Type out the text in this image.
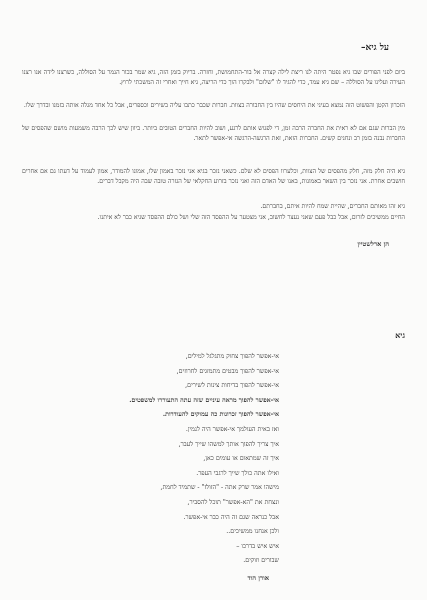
על גיא–

ביום לפני הפורים שבו גיא נפטר היתה לנו ריצת לילה קצרה אל בור-התחמושת, וחזרה. בריוק בזמן הזה, גיא שמר בכור הנמר על הסוללה, כשרצנו לידה אנו רצנו העירה ועלינו על הסוללה – שם גיא עמד, כדי להגיד לו "שלום" ולבקרו הוך כדי הריצה, גיא חייך ואחרי זה המשכתי לרוץ.

הזכרון הקטן והפשוט הזה נמצא בעיני את היחסים שהיו בין החבורה בצוות. חברות שכבר כתבו עליה בשירים וכספרים, אבל כל אחד מגלה אותה בזמנו ובדרך שלו.

מין הברות שגם אם לא ראית את החברה הרבה זמן, די לפגוש אותם לרגע, ושוב להיות החברים הטובים ביותר. ביוון שיש לכך הרבה משמעות מושם שהפסים של החברות נבנה בזמן רב ונחנים קשים. החברות הזאת, זאת הרגשה-הרגשה אי-אפשר לתאר.

גיא היה חלק מזה, חלק מהפסים של הצוות, וכלערוו הפסים לא שלם. כשאני נזכר בגיא אני נזכר באמון שלו, אמונו להמודר, אמון לעמוד על דעתו גם אם אחרים חושבים אחרת. אני נזכר בין השאר באמונות, באנו של האדם הזה ואני נזכר בזרוע החקלאי של הגזרה טובה שבה היה מקבל דברים.

גיא זהו מאותם החברים, שהיית שמח להיות איתם, בחברתם.

החיים ממשיכים לזרום, אבל כבל פעם שאני נעצר לחשוב, אני מצטער על ההפסד הזה שלי ושל כולם ההפסד שגיא כבר לא איתנו.

הן ארלשטיין
גיא
אי-אפשר להפוך צחוק מתגלגל למילים,
אי-אפשר להפוך מבטים מתמזגים לחרוזים,
אי-אפשר להפוך בדיחות צינות לשירים,
אי-אפשר להפוך מראה עיניים שזה עתה התעוררו למשפטים.
אי-אפשר להפוך זכרונות כה עמוקים להעודרות.
ואז באית העולמך אי-אפשר היה לנמין.
איך צריך להפוך אותך למשהו שייך לעבר,
איך זה שמתאום או עומים כאן,
ואילו אתה כולך שייך לרגבי העפר.
מישהו אמר שרק אתה - "הזולז" - שתמיד לחמת,
ונצחת את "הא-אפשר" תוכל להסביר,
אבל כנראה שגם זה היה כבר אי-אפשר.
ולכן אנחנו ממשיכים..
איש איש בדרכו –
שבורים וזוקים.
אורן הוד
